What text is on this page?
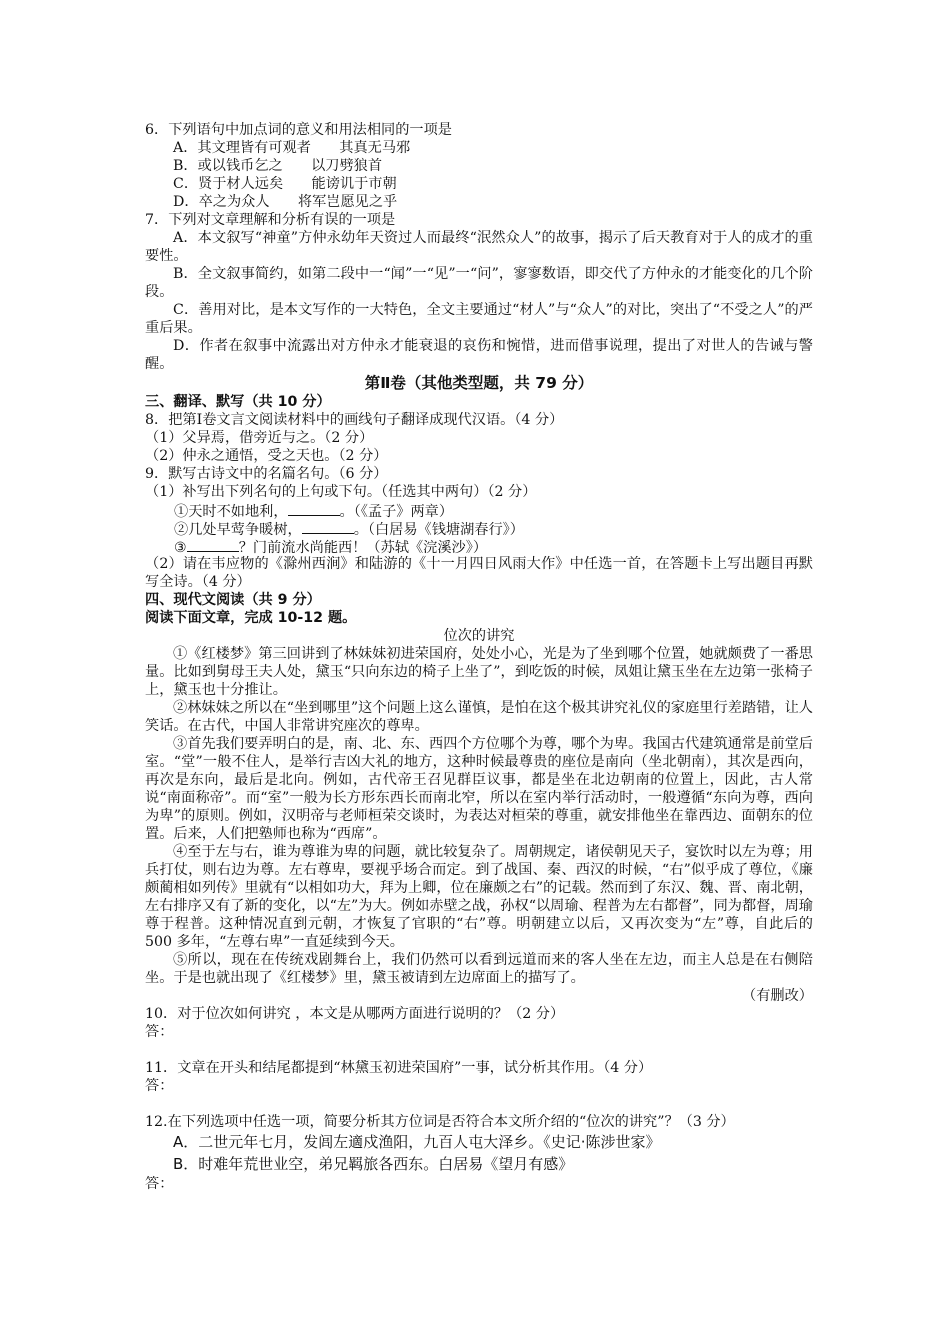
6．下列语句中加点词的意义和用法相同的一项是
A．其文理皆有可观者　　其真无马邪
B．或以钱币乞之　　以刀劈狼首
C．贤于材人远矣　　能谤讥于市朝
D．卒之为众人　　将军岂愿见之乎
7．下列对文章理解和分析有误的一项是
A．本文叙写“神童”方仲永幼年天资过人而最终“泯然众人”的故事，揭示了后天教育对于人的成才的重要性。
B．全文叙事简约，如第二段中一“闻”一“见”一“问”，寥寥数语，即交代了方仲永的才能变化的几个阶段。
C．善用对比，是本文写作的一大特色，全文主要通过“材人”与“众人”的对比，突出了“不受之人”的严重后果。
D．作者在叙事中流露出对方仲永才能衰退的哀伤和惋惜，进而借事说理，提出了对世人的告诫与警醒。
第Ⅱ卷（其他类型题，共 79 分）
三、翻译、默写（共 10 分）
8．把第Ⅰ卷文言文阅读材料中的画线句子翻译成现代汉语。（4 分）
（1）父异焉，借旁近与之。（2 分）
（2）仲永之通悟，受之天也。（2 分）
9．默写古诗文中的名篇名句。（6 分）
（1）补写出下列名句的上句或下句。（任选其中两句）（2 分）
①天时不如地利，	。（《孟子》两章）
②几处早莺争暖树，	。（白居易《钱塘湖春行》）
③	？门前流水尚能西！（苏轼《浣溪沙》）
（2）请在韦应物的《滁州西涧》和陆游的《十一月四日风雨大作》中任选一首，在答题卡上写出题目再默写全诗。（4 分）
四、现代文阅读（共 9 分）
阅读下面文章，完成 10-12 题。
位次的讲究
①《红楼梦》第三回讲到了林妹妹初进荣国府，处处小心，光是为了坐到哪个位置，她就颇费了一番思量。比如到舅母王夫人处，黛玉“只向东边的椅子上坐了”，到吃饭的时候，凤姐让黛玉坐在左边第一张椅子上，黛玉也十分推让。
②林妹妹之所以在“坐到哪里”这个问题上这么谨慎，是怕在这个极其讲究礼仪的家庭里行差踏错，让人笑话。在古代，中国人非常讲究座次的尊卑。
③首先我们要弄明白的是，南、北、东、西四个方位哪个为尊，哪个为卑。我国古代建筑通常是前堂后室。“堂”一般不住人，是举行吉凶大礼的地方，这种时候最尊贵的座位是南向（坐北朝南），其次是西向，再次是东向，最后是北向。例如，古代帝王召见群臣议事，都是坐在北边朝南的位置上，因此，古人常说“南面称帝”。而“室”一般为长方形东西长而南北窄，所以在室内举行活动时，一般遵循“东向为尊，西向为卑”的原则。例如，汉明帝与老师桓荣交谈时，为表达对桓荣的尊重，就安排他坐在靠西边、面朝东的位置。后来，人们把塾师也称为“西席”。
④至于左与右，谁为尊谁为卑的问题，就比较复杂了。周朝规定，诸侯朝见天子，宴饮时以左为尊；用兵打仗，则右边为尊。左右尊卑，要视乎场合而定。到了战国、秦、西汉的时候，“右”似乎成了尊位，《廉颇蔺相如列传》里就有“以相如功大，拜为上卿，位在廉颇之右”的记载。然而到了东汉、魏、晋、南北朝，左右排序又有了新的变化，以“左”为大。例如赤壁之战，孙权“以周瑜、程普为左右都督”，同为都督，周瑜尊于程普。这种情况直到元朝，才恢复了官职的“右”尊。明朝建立以后，又再次变为“左”尊，自此后的 500 多年，“左尊右卑”一直延续到今天。
⑤所以，现在在传统戏剧舞台上，我们仍然可以看到远道而来的客人坐在左边，而主人总是在右侧陪坐。于是也就出现了《红楼梦》里，黛玉被请到左边席面上的描写了。
（有删改）
10．对于位次如何讲究 ，本文是从哪两方面进行说明的？（2 分）
答：
11．文章在开头和结尾都提到“林黛玉初进荣国府”一事，试分析其作用。（4 分）
答：
12.在下列选项中任选一项，简要分析其方位词是否符合本文所介绍的“位次的讲究”？（3 分）
A．二世元年七月，发闾左適戍渔阳，九百人屯大泽乡。《史记·陈涉世家》
B．时难年荒世业空，弟兄羁旅各西东。白居易《望月有感》
答：
